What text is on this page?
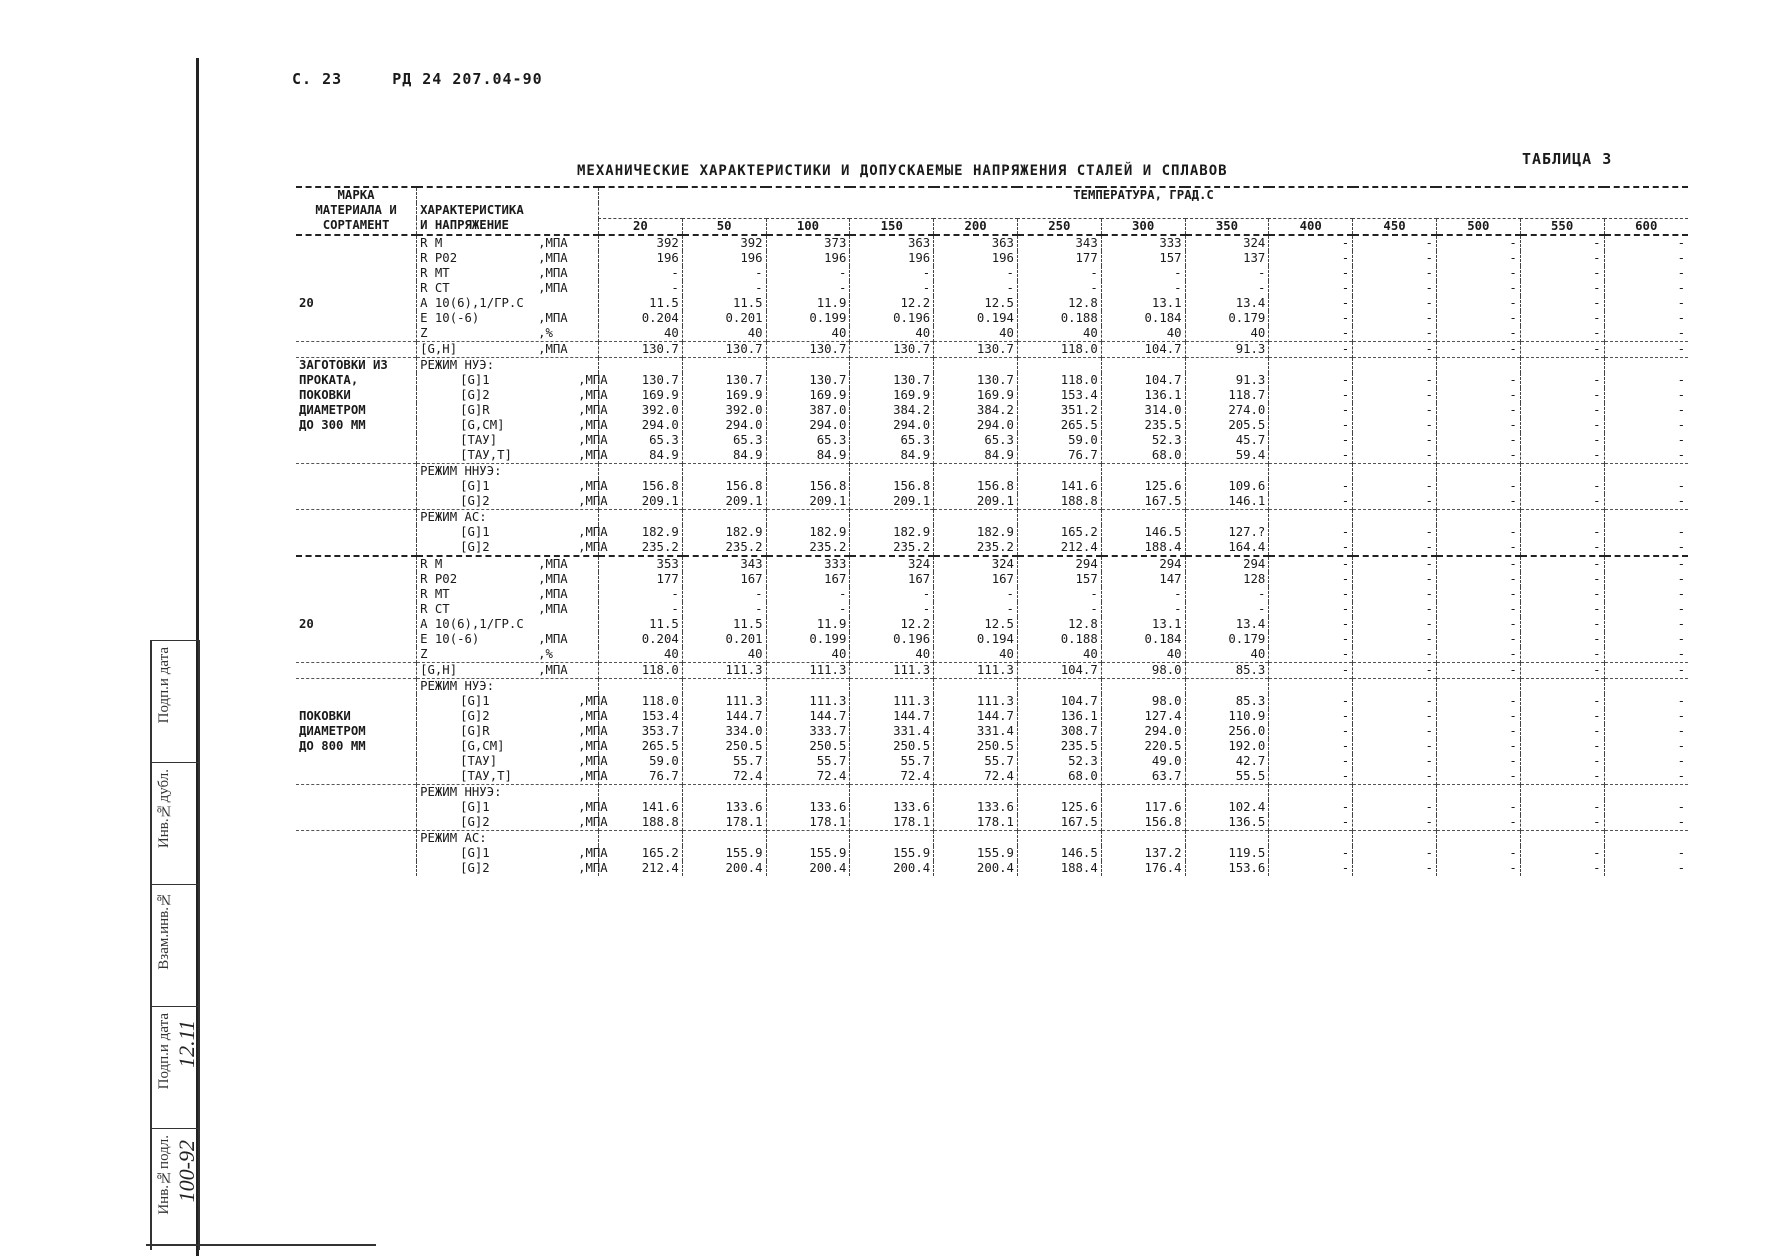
С. 23	РД 24 207.04-90
ТАБЛИЦА 3
МЕХАНИЧЕСКИЕ ХАРАКТЕРИСТИКИ И ДОПУСКАЕМЫЕ НАПРЯЖЕНИЯ СТАЛЕЙ И СПЛАВОВ
Подп.и дата
Инв.№дубл.
Взам.инв.№
Подп.и дата
Инв.№подл. 100-92
12.11
МАРКА		ТЕМПЕРАТУРА, ГРАД.С												
МАТЕРИАЛА И	ХАРАКТЕРИСТИКА													
СОРТАМЕНТ	И НАПРЯЖЕНИЕ	20	50	100	150	200	250	300	350	400	450	500	550	600

	R M ,МПА	392	392	373	363	363	343	333	324	-	-	-	-	-
	R P02 ,МПА	196	196	196	196	196	177	157	137	-	-	-	-	-
	R MT ,МПА	-	-	-	-	-	-	-	-	-	-	-	-	-
	R CT ,МПА	-	-	-	-	-	-	-	-	-	-	-	-	-
20	A 10(6),1/ГР.С	11.5	11.5	11.9	12.2	12.5	12.8	13.1	13.4	-	-	-	-	-
	E 10(-6) ,МПА	0.204	0.201	0.199	0.196	0.194	0.188	0.184	0.179	-	-	-	-	-
	Z ,%	40	40	40	40	40	40	40	40	-	-	-	-	-
	[G,H] ,МПА	130.7	130.7	130.7	130.7	130.7	118.0	104.7	91.3	-	-	-	-	-
ЗАГОТОВКИ ИЗ	РЕЖИМ НУЭ:													
ПРОКАТА,	[G]1 ,МПА	130.7	130.7	130.7	130.7	130.7	118.0	104.7	91.3	-	-	-	-	-
ПОКОВКИ	[G]2 ,МПА	169.9	169.9	169.9	169.9	169.9	153.4	136.1	118.7	-	-	-	-	-
ДИАМЕТРОМ	[G]R ,МПА	392.0	392.0	387.0	384.2	384.2	351.2	314.0	274.0	-	-	-	-	-
ДО 300 ММ	[G,CM] ,МПА	294.0	294.0	294.0	294.0	294.0	265.5	235.5	205.5	-	-	-	-	-
	[ТАУ] ,МПА	65.3	65.3	65.3	65.3	65.3	59.0	52.3	45.7	-	-	-	-	-
	[ТАУ,Т] ,МПА	84.9	84.9	84.9	84.9	84.9	76.7	68.0	59.4	-	-	-	-	-
	РЕЖИМ ННУЭ:													
	[G]1 ,МПА	156.8	156.8	156.8	156.8	156.8	141.6	125.6	109.6	-	-	-	-	-
	[G]2 ,МПА	209.1	209.1	209.1	209.1	209.1	188.8	167.5	146.1	-	-	-	-	-
	РЕЖИМ АС:													
	[G]1 ,МПА	182.9	182.9	182.9	182.9	182.9	165.2	146.5	127.?	-	-	-	-	-
	[G]2 ,МПА	235.2	235.2	235.2	235.2	235.2	212.4	188.4	164.4	-	-	-	-	-

	R M ,МПА	353	343	333	324	324	294	294	294	-	-	-	-	-
	R P02 ,МПА	177	167	167	167	167	157	147	128	-	-	-	-	-
	R MT ,МПА	-	-	-	-	-	-	-	-	-	-	-	-	-
	R CT ,МПА	-	-	-	-	-	-	-	-	-	-	-	-	-
20	A 10(6),1/ГР.С	11.5	11.5	11.9	12.2	12.5	12.8	13.1	13.4	-	-	-	-	-
	E 10(-6) ,МПА	0.204	0.201	0.199	0.196	0.194	0.188	0.184	0.179	-	-	-	-	-
	Z ,%	40	40	40	40	40	40	40	40	-	-	-	-	-
	[G,H] ,МПА	118.0	111.3	111.3	111.3	111.3	104.7	98.0	85.3	-	-	-	-	-
	РЕЖИМ НУЭ:													
	[G]1 ,МПА	118.0	111.3	111.3	111.3	111.3	104.7	98.0	85.3	-	-	-	-	-
ПОКОВКИ	[G]2 ,МПА	153.4	144.7	144.7	144.7	144.7	136.1	127.4	110.9	-	-	-	-	-
ДИАМЕТРОМ	[G]R ,МПА	353.7	334.0	333.7	331.4	331.4	308.7	294.0	256.0	-	-	-	-	-
ДО 800 ММ	[G,CM] ,МПА	265.5	250.5	250.5	250.5	250.5	235.5	220.5	192.0	-	-	-	-	-
	[ТАУ] ,МПА	59.0	55.7	55.7	55.7	55.7	52.3	49.0	42.7	-	-	-	-	-
	[ТАУ,Т] ,МПА	76.7	72.4	72.4	72.4	72.4	68.0	63.7	55.5	-	-	-	-	-
	РЕЖИМ ННУЭ:													
	[G]1 ,МПА	141.6	133.6	133.6	133.6	133.6	125.6	117.6	102.4	-	-	-	-	-
	[G]2 ,МПА	188.8	178.1	178.1	178.1	178.1	167.5	156.8	136.5	-	-	-	-	-
	РЕЖИМ АС:													
	[G]1 ,МПА	165.2	155.9	155.9	155.9	155.9	146.5	137.2	119.5	-	-	-	-	-
	[G]2 ,МПА	212.4	200.4	200.4	200.4	200.4	188.4	176.4	153.6	-	-	-	-	-
